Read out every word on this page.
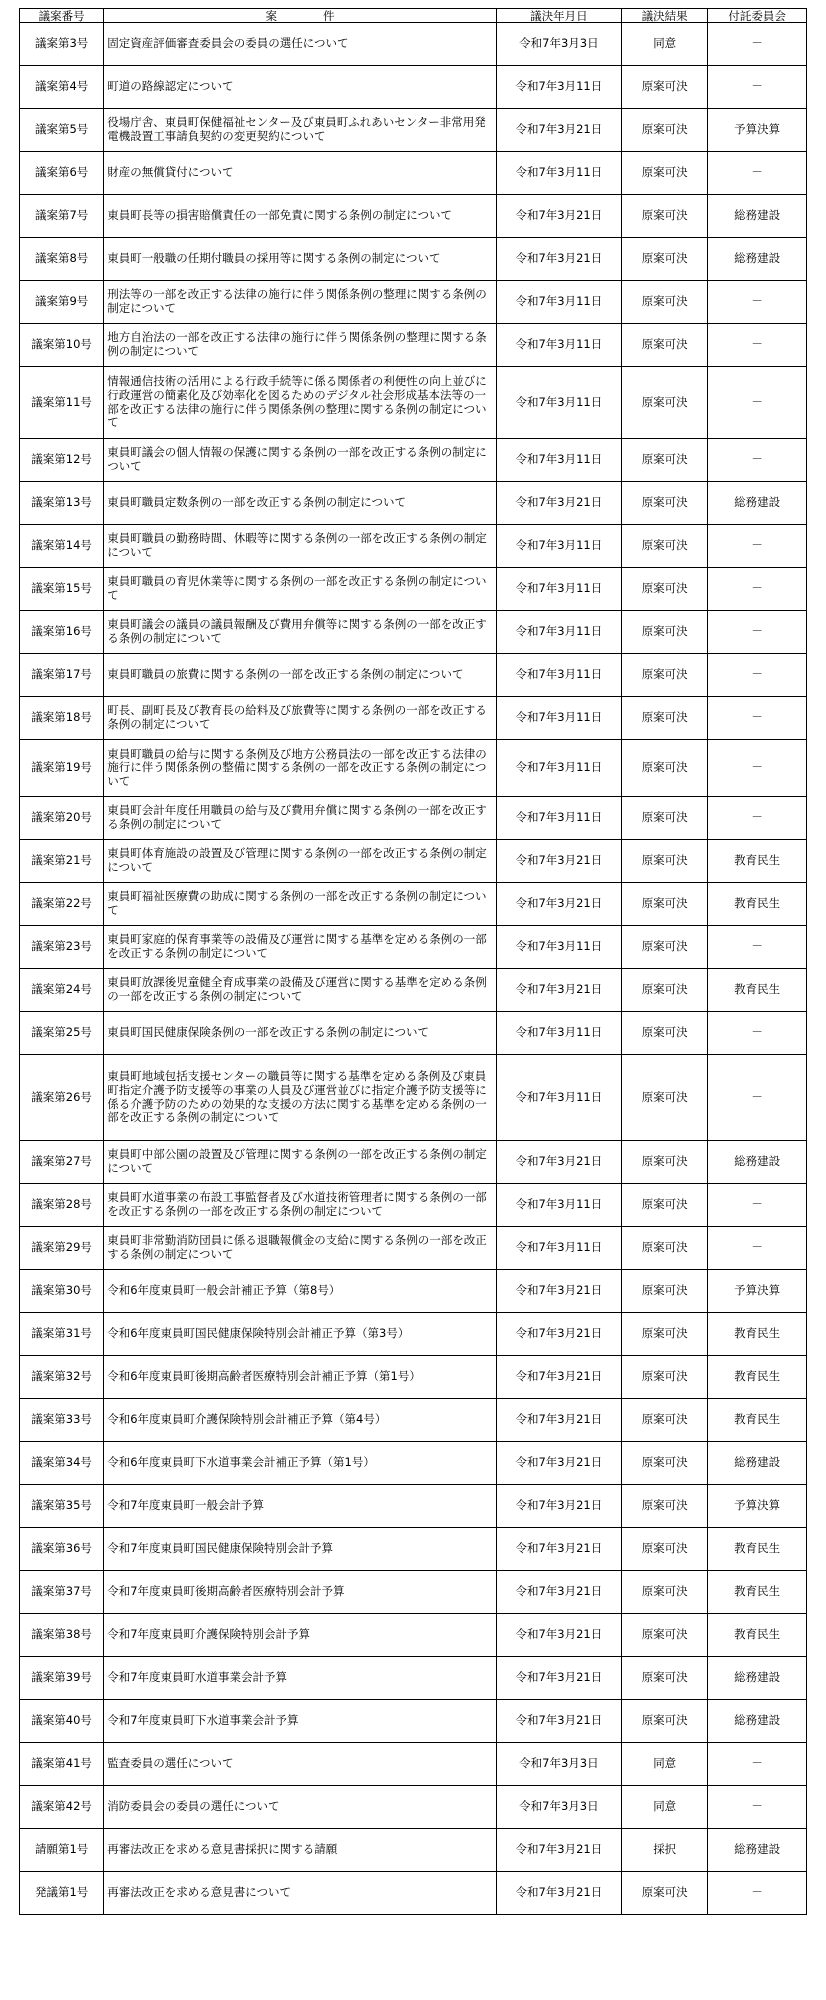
議案番号	案　　　　件	議決年月日	議決結果	付託委員会
議案第3号	固定資産評価審査委員会の委員の選任について	令和7年3月3日	同意	－
議案第4号	町道の路線認定について	令和7年3月11日	原案可決	－
議案第5号	役場庁舎、東員町保健福祉センター及び東員町ふれあいセンター非常用発電機設置工事請負契約の変更契約について	令和7年3月21日	原案可決	予算決算
議案第6号	財産の無償貸付について	令和7年3月11日	原案可決	－
議案第7号	東員町長等の損害賠償責任の一部免責に関する条例の制定について	令和7年3月21日	原案可決	総務建設
議案第8号	東員町一般職の任期付職員の採用等に関する条例の制定について	令和7年3月21日	原案可決	総務建設
議案第9号	刑法等の一部を改正する法律の施行に伴う関係条例の整理に関する条例の制定について	令和7年3月11日	原案可決	－
議案第10号	地方自治法の一部を改正する法律の施行に伴う関係条例の整理に関する条例の制定について	令和7年3月11日	原案可決	－
議案第11号	情報通信技術の活用による行政手続等に係る関係者の利便性の向上並びに行政運営の簡素化及び効率化を図るためのデジタル社会形成基本法等の一部を改正する法律の施行に伴う関係条例の整理に関する条例の制定について	令和7年3月11日	原案可決	－
議案第12号	東員町議会の個人情報の保護に関する条例の一部を改正する条例の制定について	令和7年3月11日	原案可決	－
議案第13号	東員町職員定数条例の一部を改正する条例の制定について	令和7年3月21日	原案可決	総務建設
議案第14号	東員町職員の勤務時間、休暇等に関する条例の一部を改正する条例の制定について	令和7年3月11日	原案可決	－
議案第15号	東員町職員の育児休業等に関する条例の一部を改正する条例の制定について	令和7年3月11日	原案可決	－
議案第16号	東員町議会の議員の議員報酬及び費用弁償等に関する条例の一部を改正する条例の制定について	令和7年3月11日	原案可決	－
議案第17号	東員町職員の旅費に関する条例の一部を改正する条例の制定について	令和7年3月11日	原案可決	－
議案第18号	町長、副町長及び教育長の給料及び旅費等に関する条例の一部を改正する条例の制定について	令和7年3月11日	原案可決	－
議案第19号	東員町職員の給与に関する条例及び地方公務員法の一部を改正する法律の施行に伴う関係条例の整備に関する条例の一部を改正する条例の制定について	令和7年3月11日	原案可決	－
議案第20号	東員町会計年度任用職員の給与及び費用弁償に関する条例の一部を改正する条例の制定について	令和7年3月11日	原案可決	－
議案第21号	東員町体育施設の設置及び管理に関する条例の一部を改正する条例の制定について	令和7年3月21日	原案可決	教育民生
議案第22号	東員町福祉医療費の助成に関する条例の一部を改正する条例の制定について	令和7年3月21日	原案可決	教育民生
議案第23号	東員町家庭的保育事業等の設備及び運営に関する基準を定める条例の一部を改正する条例の制定について	令和7年3月11日	原案可決	－
議案第24号	東員町放課後児童健全育成事業の設備及び運営に関する基準を定める条例の一部を改正する条例の制定について	令和7年3月21日	原案可決	教育民生
議案第25号	東員町国民健康保険条例の一部を改正する条例の制定について	令和7年3月11日	原案可決	－
議案第26号	東員町地域包括支援センターの職員等に関する基準を定める条例及び東員町指定介護予防支援等の事業の人員及び運営並びに指定介護予防支援等に係る介護予防のための効果的な支援の方法に関する基準を定める条例の一部を改正する条例の制定について	令和7年3月11日	原案可決	－
議案第27号	東員町中部公園の設置及び管理に関する条例の一部を改正する条例の制定について	令和7年3月21日	原案可決	総務建設
議案第28号	東員町水道事業の布設工事監督者及び水道技術管理者に関する条例の一部を改正する条例の一部を改正する条例の制定について	令和7年3月11日	原案可決	－
議案第29号	東員町非常勤消防団員に係る退職報償金の支給に関する条例の一部を改正する条例の制定について	令和7年3月11日	原案可決	－
議案第30号	令和6年度東員町一般会計補正予算（第8号）	令和7年3月21日	原案可決	予算決算
議案第31号	令和6年度東員町国民健康保険特別会計補正予算（第3号）	令和7年3月21日	原案可決	教育民生
議案第32号	令和6年度東員町後期高齢者医療特別会計補正予算（第1号）	令和7年3月21日	原案可決	教育民生
議案第33号	令和6年度東員町介護保険特別会計補正予算（第4号）	令和7年3月21日	原案可決	教育民生
議案第34号	令和6年度東員町下水道事業会計補正予算（第1号）	令和7年3月21日	原案可決	総務建設
議案第35号	令和7年度東員町一般会計予算	令和7年3月21日	原案可決	予算決算
議案第36号	令和7年度東員町国民健康保険特別会計予算	令和7年3月21日	原案可決	教育民生
議案第37号	令和7年度東員町後期高齢者医療特別会計予算	令和7年3月21日	原案可決	教育民生
議案第38号	令和7年度東員町介護保険特別会計予算	令和7年3月21日	原案可決	教育民生
議案第39号	令和7年度東員町水道事業会計予算	令和7年3月21日	原案可決	総務建設
議案第40号	令和7年度東員町下水道事業会計予算	令和7年3月21日	原案可決	総務建設
議案第41号	監査委員の選任について	令和7年3月3日	同意	－
議案第42号	消防委員会の委員の選任について	令和7年3月3日	同意	－
請願第1号	再審法改正を求める意見書採択に関する請願	令和7年3月21日	採択	総務建設
発議第1号	再審法改正を求める意見書について	令和7年3月21日	原案可決	－
